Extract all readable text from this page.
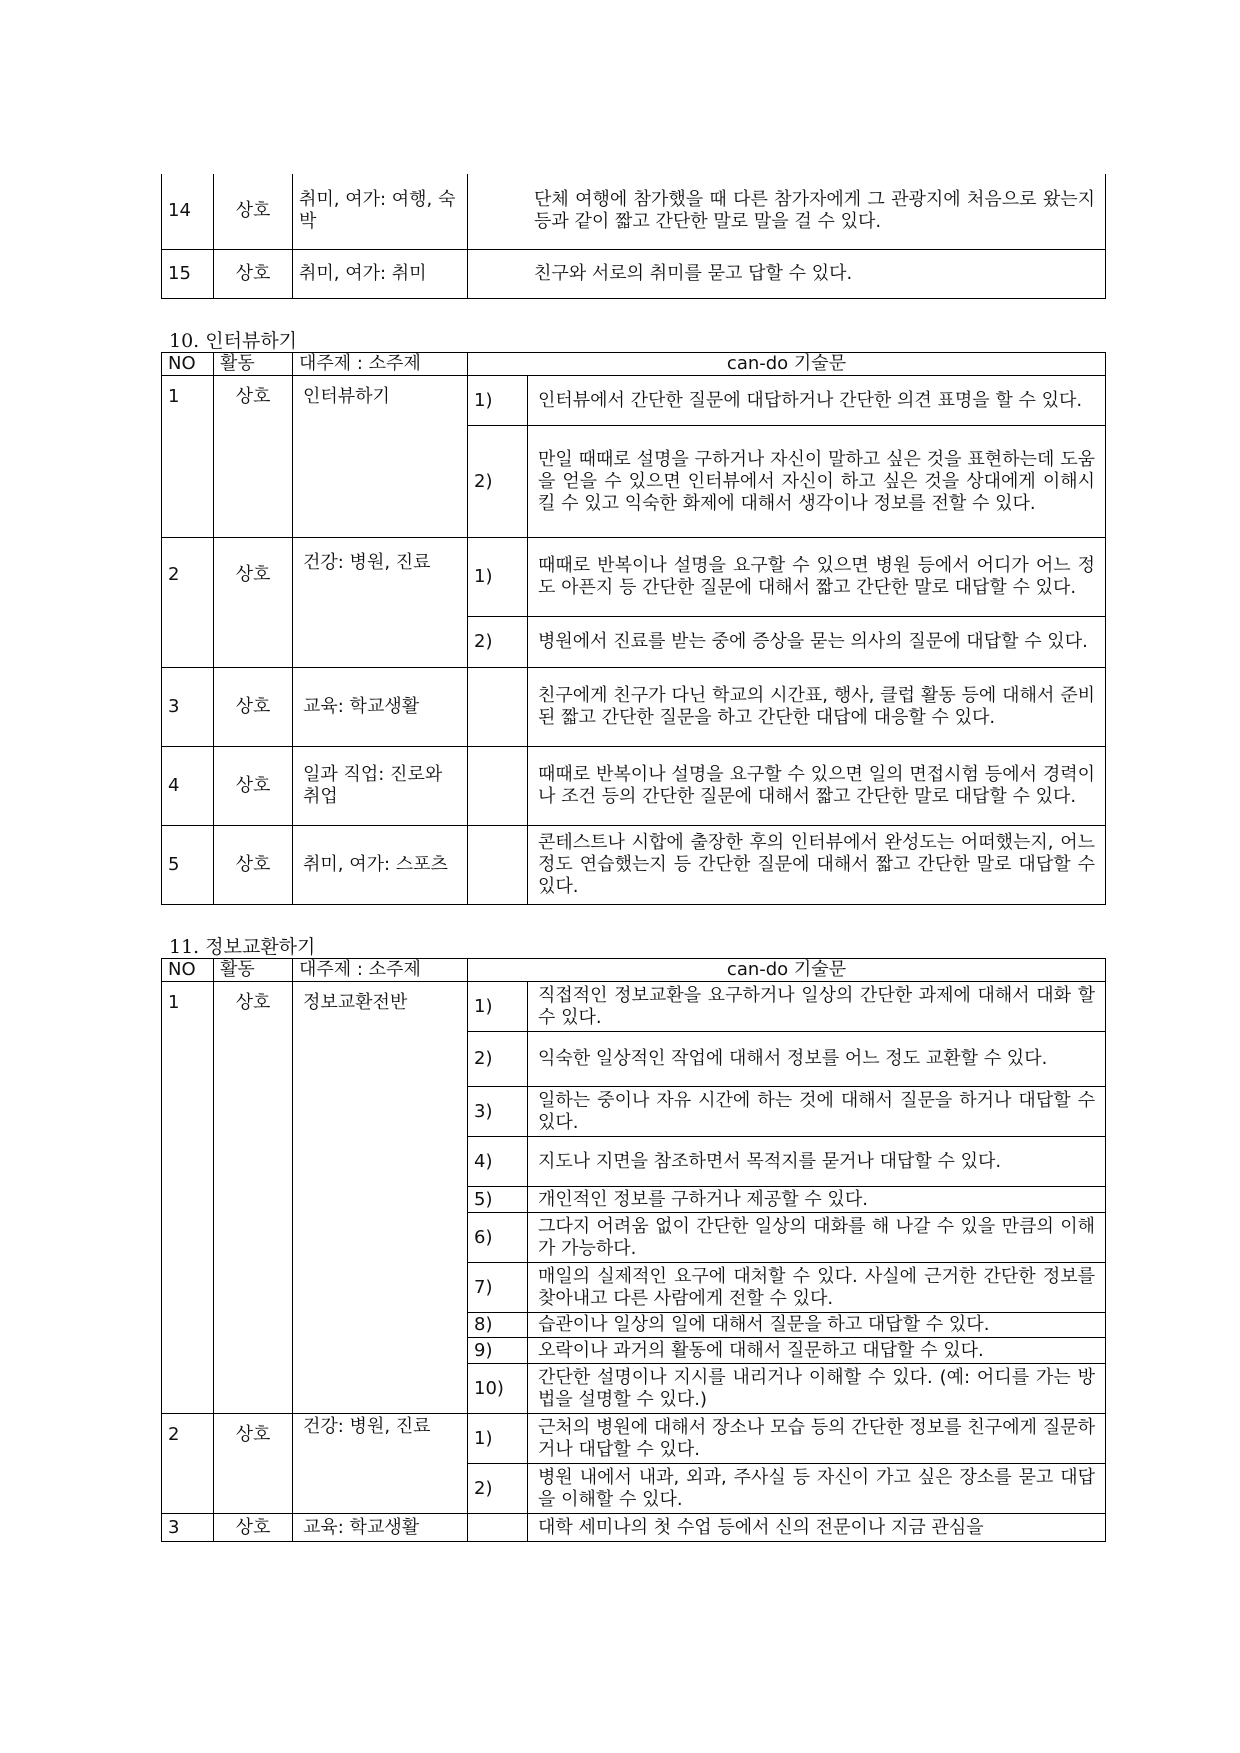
14	상호	취미, 여가: 여행, 숙박	단체 여행에 참가했을 때 다른 참가자에게 그 관광지에 처음으로 왔는지 등과 같이 짧고 간단한 말로 말을 걸 수 있다.
15	상호	취미, 여가: 취미	친구와 서로의 취미를 묻고 답할 수 있다.
10. 인터뷰하기
NO	활동	대주제 : 소주제	can-do 기술문	
1	상호	인터뷰하기	1)	인터뷰에서 간단한 질문에 대답하거나 간단한 의견 표명을 할 수 있다.
			2)	만일 때때로 설명을 구하거나 자신이 말하고 싶은 것을 표현하는데 도움을 얻을 수 있으면 인터뷰에서 자신이 하고 싶은 것을 상대에게 이해시킬 수 있고 익숙한 화제에 대해서 생각이나 정보를 전할 수 있다.
2	상호	건강: 병원, 진료	1)	때때로 반복이나 설명을 요구할 수 있으면 병원 등에서 어디가 어느 정도 아픈지 등 간단한 질문에 대해서 짧고 간단한 말로 대답할 수 있다.
			2)	병원에서 진료를 받는 중에 증상을 묻는 의사의 질문에 대답할 수 있다.
3	상호	교육: 학교생활		친구에게 친구가 다닌 학교의 시간표, 행사, 클럽 활동 등에 대해서 준비된 짧고 간단한 질문을 하고 간단한 대답에 대응할 수 있다.
4	상호	일과 직업: 진로와 취업		때때로 반복이나 설명을 요구할 수 있으면 일의 면접시험 등에서 경력이나 조건 등의 간단한 질문에 대해서 짧고 간단한 말로 대답할 수 있다.
5	상호	취미, 여가: 스포츠		콘테스트나 시합에 출장한 후의 인터뷰에서 완성도는 어떠했는지, 어느 정도 연습했는지 등 간단한 질문에 대해서 짧고 간단한 말로 대답할 수 있다.
11. 정보교환하기
NO	활동	대주제 : 소주제	can-do 기술문	
1	상호	정보교환전반	1)	직접적인 정보교환을 요구하거나 일상의 간단한 과제에 대해서 대화 할 수 있다.
			2)	익숙한 일상적인 작업에 대해서 정보를 어느 정도 교환할 수 있다.
			3)	일하는 중이나 자유 시간에 하는 것에 대해서 질문을 하거나 대답할 수 있다.
			4)	지도나 지면을 참조하면서 목적지를 묻거나 대답할 수 있다.
			5)	개인적인 정보를 구하거나 제공할 수 있다.
			6)	그다지 어려움 없이 간단한 일상의 대화를 해 나갈 수 있을 만큼의 이해가 가능하다.
			7)	매일의 실제적인 요구에 대처할 수 있다. 사실에 근거한 간단한 정보를 찾아내고 다른 사람에게 전할 수 있다.
			8)	습관이나 일상의 일에 대해서 질문을 하고 대답할 수 있다.
			9)	오락이나 과거의 활동에 대해서 질문하고 대답할 수 있다.
			10)	간단한 설명이나 지시를 내리거나 이해할 수 있다. (예: 어디를 가는 방법을 설명할 수 있다.)
2	상호	건강: 병원, 진료	1)	근처의 병원에 대해서 장소나 모습 등의 간단한 정보를 친구에게 질문하거나 대답할 수 있다.
			2)	병원 내에서 내과, 외과, 주사실 등 자신이 가고 싶은 장소를 묻고 대답을 이해할 수 있다.
3	상호	교육: 학교생활		대학 세미나의 첫 수업 등에서 신의 전문이나 지금 관심을
